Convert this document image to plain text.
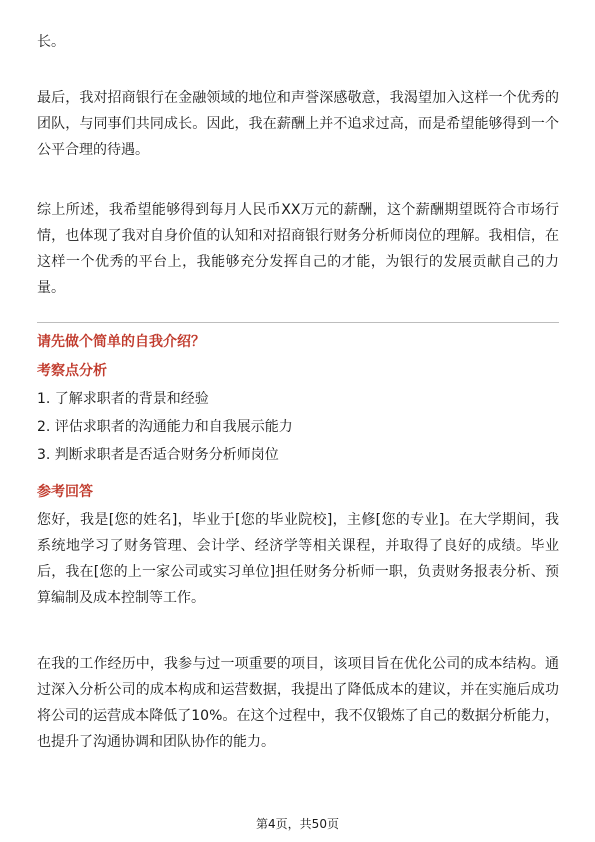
长。

最后，我对招商银行在金融领域的地位和声誉深感敬意，我渴望加入这样一个优秀的团队，与同事们共同成长。因此，我在薪酬上并不追求过高，而是希望能够得到一个公平合理的待遇。

综上所述，我希望能够得到每月人民币XX万元的薪酬，这个薪酬期望既符合市场行情，也体现了我对自身价值的认知和对招商银行财务分析师岗位的理解。我相信，在这样一个优秀的平台上，我能够充分发挥自己的才能，为银行的发展贡献自己的力量。

请先做个简单的自我介绍？

考察点分析

1. 了解求职者的背景和经验
2. 评估求职者的沟通能力和自我展示能力
3. 判断求职者是否适合财务分析师岗位

参考回答

您好，我是[您的姓名]，毕业于[您的毕业院校]，主修[您的专业]。在大学期间，我系统地学习了财务管理、会计学、经济学等相关课程，并取得了良好的成绩。毕业后，我在[您的上一家公司或实习单位]担任财务分析师一职，负责财务报表分析、预算编制及成本控制等工作。

在我的工作经历中，我参与过一项重要的项目，该项目旨在优化公司的成本结构。通过深入分析公司的成本构成和运营数据，我提出了降低成本的建议，并在实施后成功将公司的运营成本降低了10%。在这个过程中，我不仅锻炼了自己的数据分析能力，也提升了沟通协调和团队协作的能力。

第4页，共50页
